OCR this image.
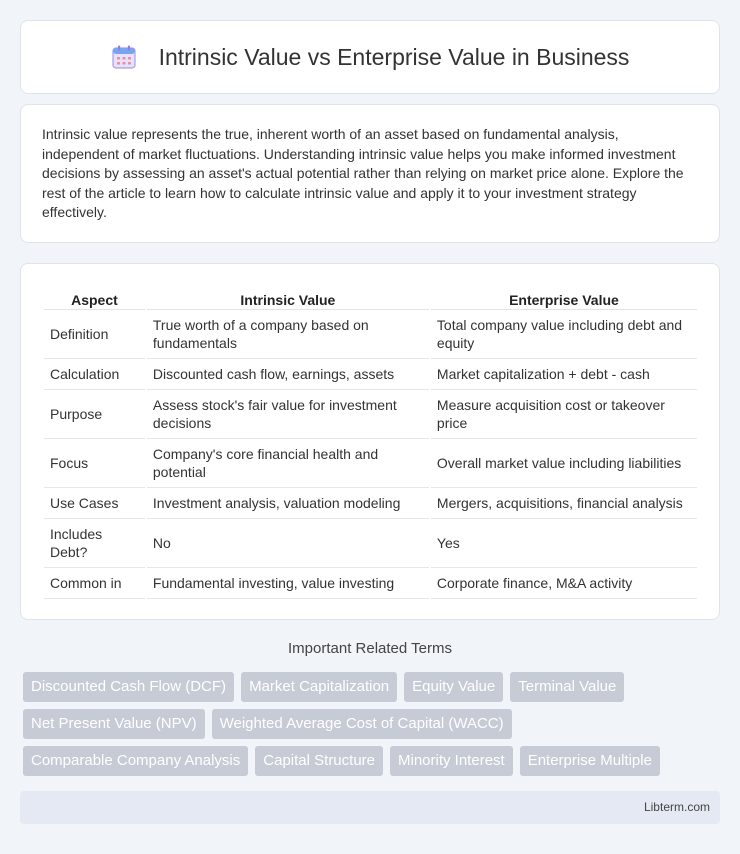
Intrinsic Value vs Enterprise Value in Business

Intrinsic value represents the true, inherent worth of an asset based on fundamental analysis, independent of market fluctuations. Understanding intrinsic value helps you make informed investment decisions by assessing an asset's actual potential rather than relying on market price alone. Explore the rest of the article to learn how to calculate intrinsic value and apply it to your investment strategy effectively.

Aspect	Intrinsic Value	Enterprise Value
Definition	True worth of a company based on fundamentals	Total company value including debt and equity
Calculation	Discounted cash flow, earnings, assets	Market capitalization + debt - cash
Purpose	Assess stock's fair value for investment decisions	Measure acquisition cost or takeover price
Focus	Company's core financial health and potential	Overall market value including liabilities
Use Cases	Investment analysis, valuation modeling	Mergers, acquisitions, financial analysis
Includes Debt?	No	Yes
Common in	Fundamental investing, value investing	Corporate finance, M&A activity
Important Related Terms
Discounted Cash Flow (DCF)	Market Capitalization	Equity Value	Terminal Value
Net Present Value (NPV)	Weighted Average Cost of Capital (WACC)
Comparable Company Analysis	Capital Structure	Minority Interest	Enterprise Multiple
Libterm.com
